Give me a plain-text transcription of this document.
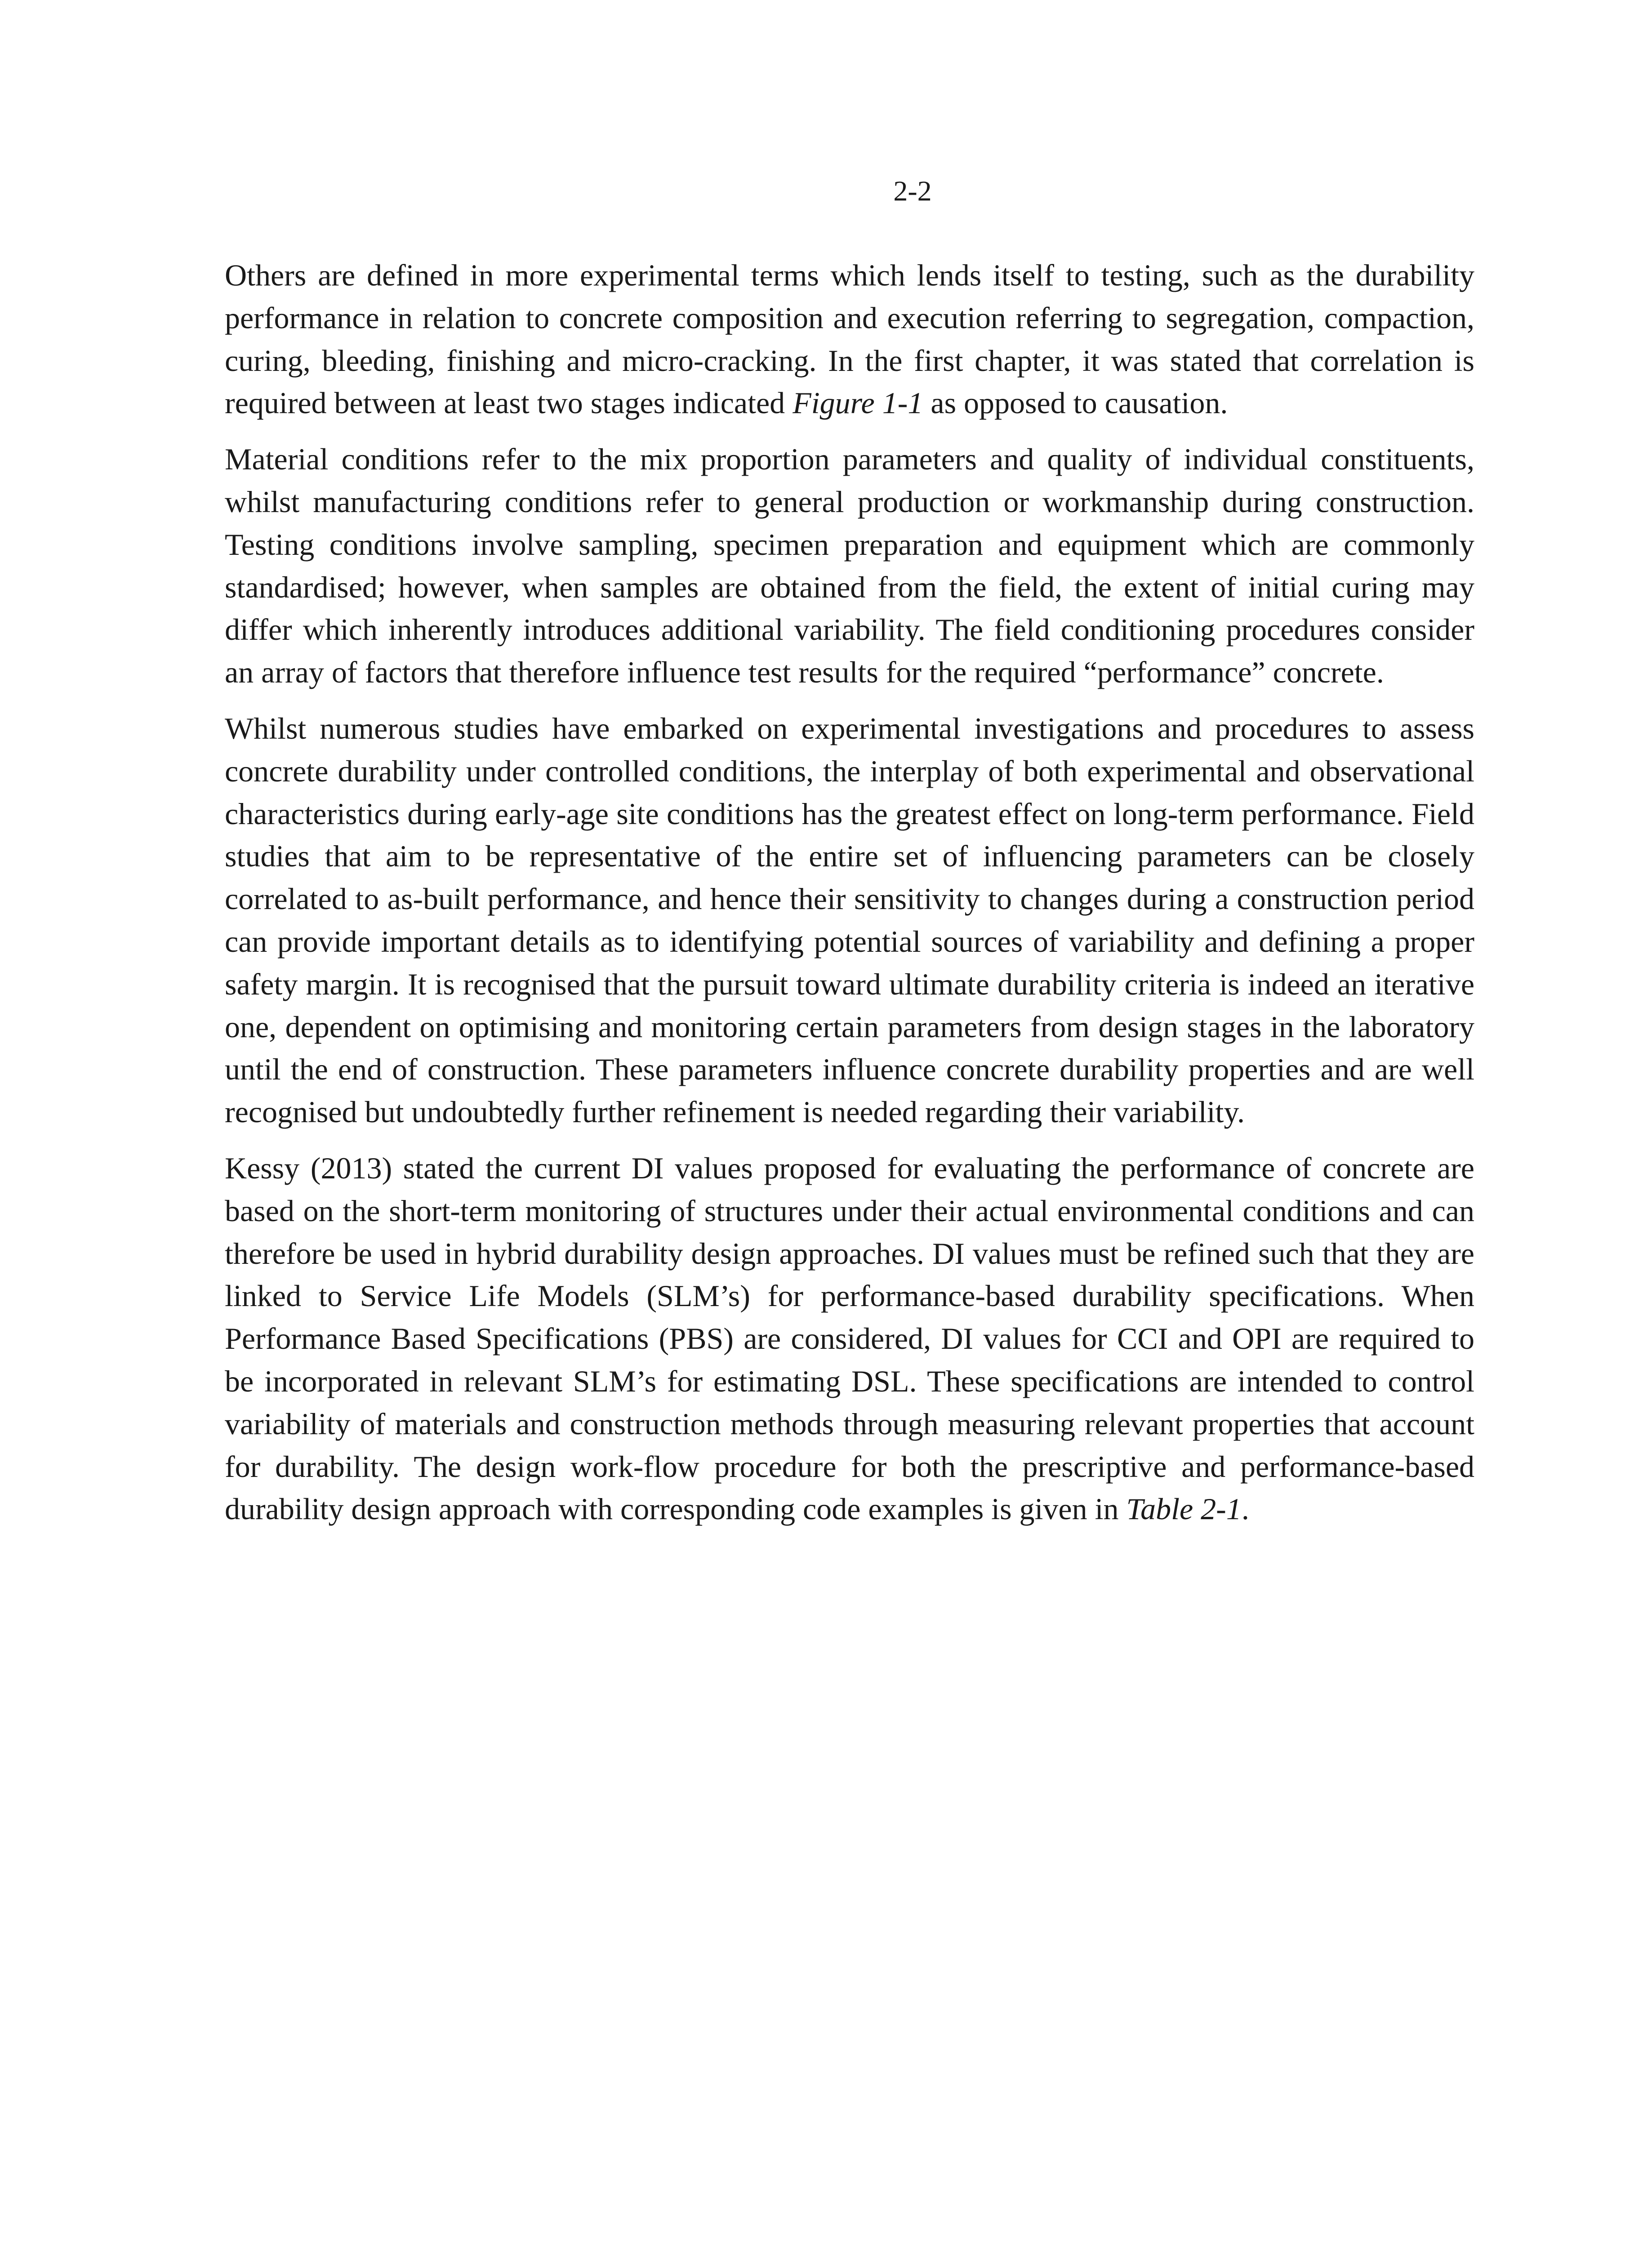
2-2

Others are defined in more experimental terms which lends itself to testing, such as the durability performance in relation to concrete composition and execution referring to segregation, compaction, curing, bleeding, finishing and micro-cracking. In the first chapter, it was stated that correlation is required between at least two stages indicated Figure 1-1 as opposed to causation.

Material conditions refer to the mix proportion parameters and quality of individual constituents, whilst manufacturing conditions refer to general production or workmanship during construction. Testing conditions involve sampling, specimen preparation and equipment which are commonly standardised; however, when samples are obtained from the field, the extent of initial curing may differ which inherently introduces additional variability. The field conditioning procedures consider an array of factors that therefore influence test results for the required “performance” concrete.

Whilst numerous studies have embarked on experimental investigations and procedures to assess concrete durability under controlled conditions, the interplay of both experimental and observational characteristics during early-age site conditions has the greatest effect on long-term performance. Field studies that aim to be representative of the entire set of influencing parameters can be closely correlated to as-built performance, and hence their sensitivity to changes during a construction period can provide important details as to identifying potential sources of variability and defining a proper safety margin. It is recognised that the pursuit toward ultimate durability criteria is indeed an iterative one, dependent on optimising and monitoring certain parameters from design stages in the laboratory until the end of construction. These parameters influence concrete durability properties and are well recognised but undoubtedly further refinement is needed regarding their variability.

Kessy (2013) stated the current DI values proposed for evaluating the performance of concrete are based on the short-term monitoring of structures under their actual environmental conditions and can therefore be used in hybrid durability design approaches. DI values must be refined such that they are linked to Service Life Models (SLM’s) for performance-based durability specifications. When Performance Based Specifications (PBS) are considered, DI values for CCI and OPI are required to be incorporated in relevant SLM’s for estimating DSL. These specifications are intended to control variability of materials and construction methods through measuring relevant properties that account for durability. The design work-flow procedure for both the prescriptive and performance-based durability design approach with corresponding code examples is given in Table 2-1.
